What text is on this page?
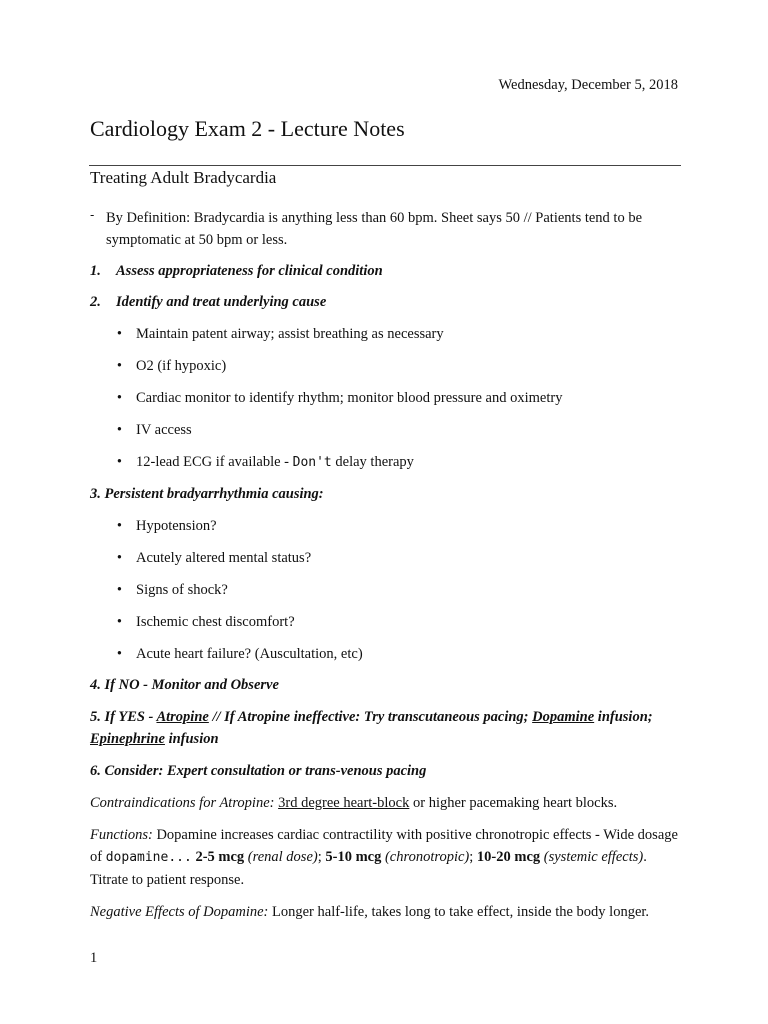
Wednesday, December 5, 2018
Cardiology Exam 2 - Lecture Notes
Treating Adult Bradycardia
- By Definition: Bradycardia is anything less than 60 bpm. Sheet says 50 // Patients tend to be symptomatic at 50 bpm or less.
1.	Assess appropriateness for clinical condition
2.	Identify and treat underlying cause
• Maintain patent airway; assist breathing as necessary
• O2 (if hypoxic)
• Cardiac monitor to identify rhythm; monitor blood pressure and oximetry
• IV access
• 12-lead ECG if available - Don't delay therapy
3. Persistent bradyarrhythmia causing:
• Hypotension?
• Acutely altered mental status?
• Signs of shock?
• Ischemic chest discomfort?
• Acute heart failure? (Auscultation, etc)
4. If NO - Monitor and Observe
5. If YES - Atropine // If Atropine ineffective: Try transcutaneous pacing; Dopamine infusion; Epinephrine infusion
6. Consider: Expert consultation or trans-venous pacing
Contraindications for Atropine: 3rd degree heart-block or higher pacemaking heart blocks.
Functions: Dopamine increases cardiac contractility with positive chronotropic effects - Wide dosage of dopamine... 2-5 mcg (renal dose); 5-10 mcg (chronotropic); 10-20 mcg (systemic effects). Titrate to patient response.
Negative Effects of Dopamine: Longer half-life, takes long to take effect, inside the body longer.
1
